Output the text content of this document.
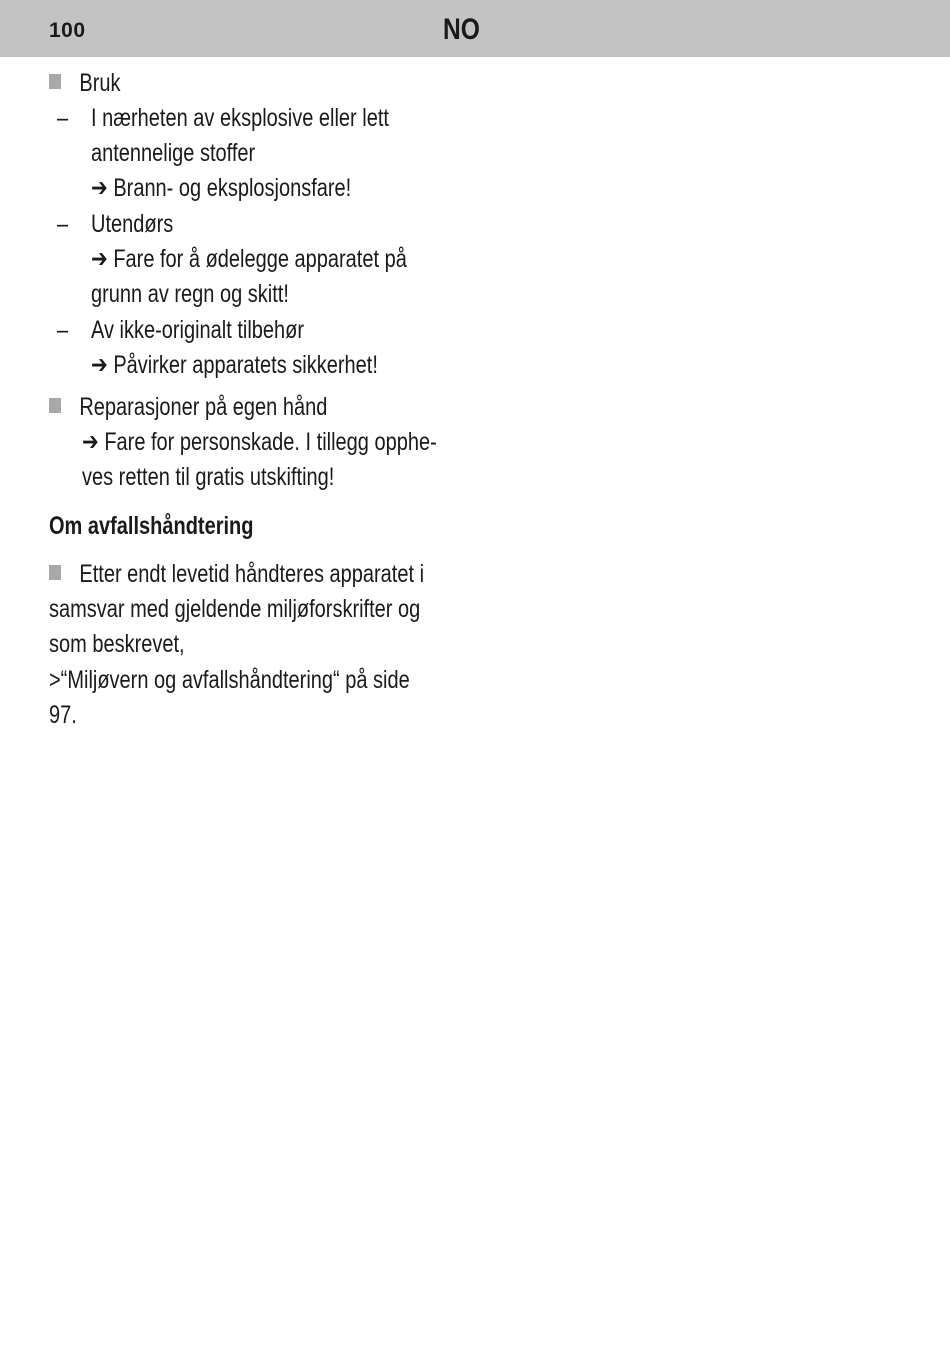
100	NO
Bruk
– I nærheten av eksplosive eller lett
antennelige stoffer
➔ Brann- og eksplosjonsfare!
– Utendørs
➔ Fare for å ødelegge apparatet på
grunn av regn og skitt!
– Av ikke-originalt tilbehør
➔ Påvirker apparatets sikkerhet!
Reparasjoner på egen hånd
➔ Fare for personskade. I tillegg opphe-
ves retten til gratis utskifting!
Om avfallshåndtering
Etter endt levetid håndteres apparatet i
samsvar med gjeldende miljøforskrifter og
som beskrevet,
>“Miljøvern og avfallshåndtering“ på side
97.
